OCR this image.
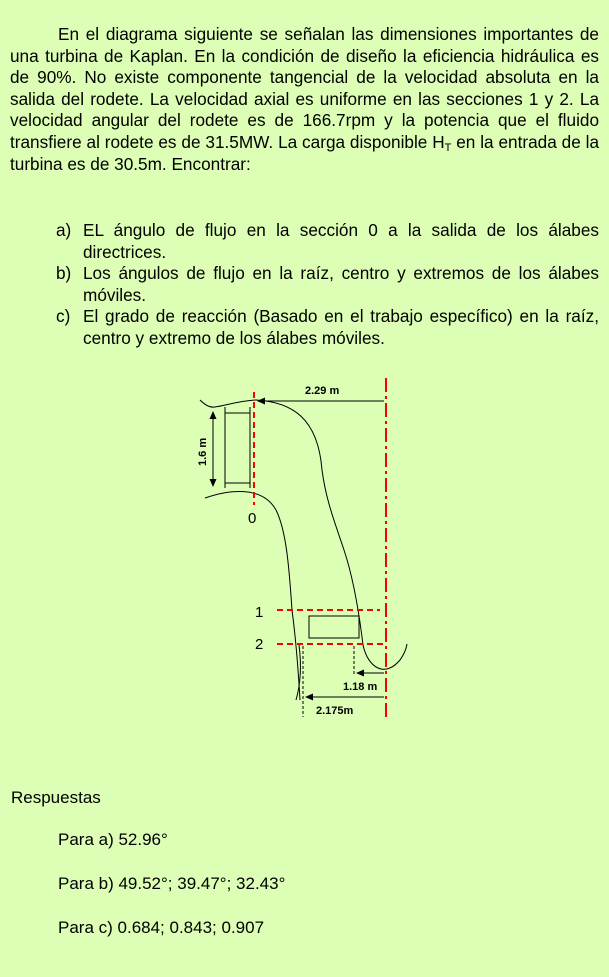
En el diagrama siguiente se señalan las dimensiones importantes de una turbina de Kaplan. En la condición de diseño la eficiencia hidráulica es de 90%. No existe componente tangencial de la velocidad absoluta en la salida del rodete. La velocidad axial es uniforme en las secciones 1 y 2. La velocidad angular del rodete es de 166.7rpm y la potencia que el fluido transfiere al rodete es de 31.5MW. La carga disponible $H_T$ en la entrada de la turbina es de 30.5m. Encontrar:

a) EL ángulo de flujo en la sección 0 a la salida de los álabes directrices.
b) Los ángulos de flujo en la raíz, centro y extremos de los álabes móviles.
c) El grado de reacción (Basado en el trabajo específico) en la raíz, centro y extremo de los álabes móviles.
2.29 m
1.6 m
1.18 m
2.175m
0
1
2
Respuestas

Para a) 52.96°

Para b) 49.52°; 39.47°; 32.43°

Para c) 0.684; 0.843; 0.907
